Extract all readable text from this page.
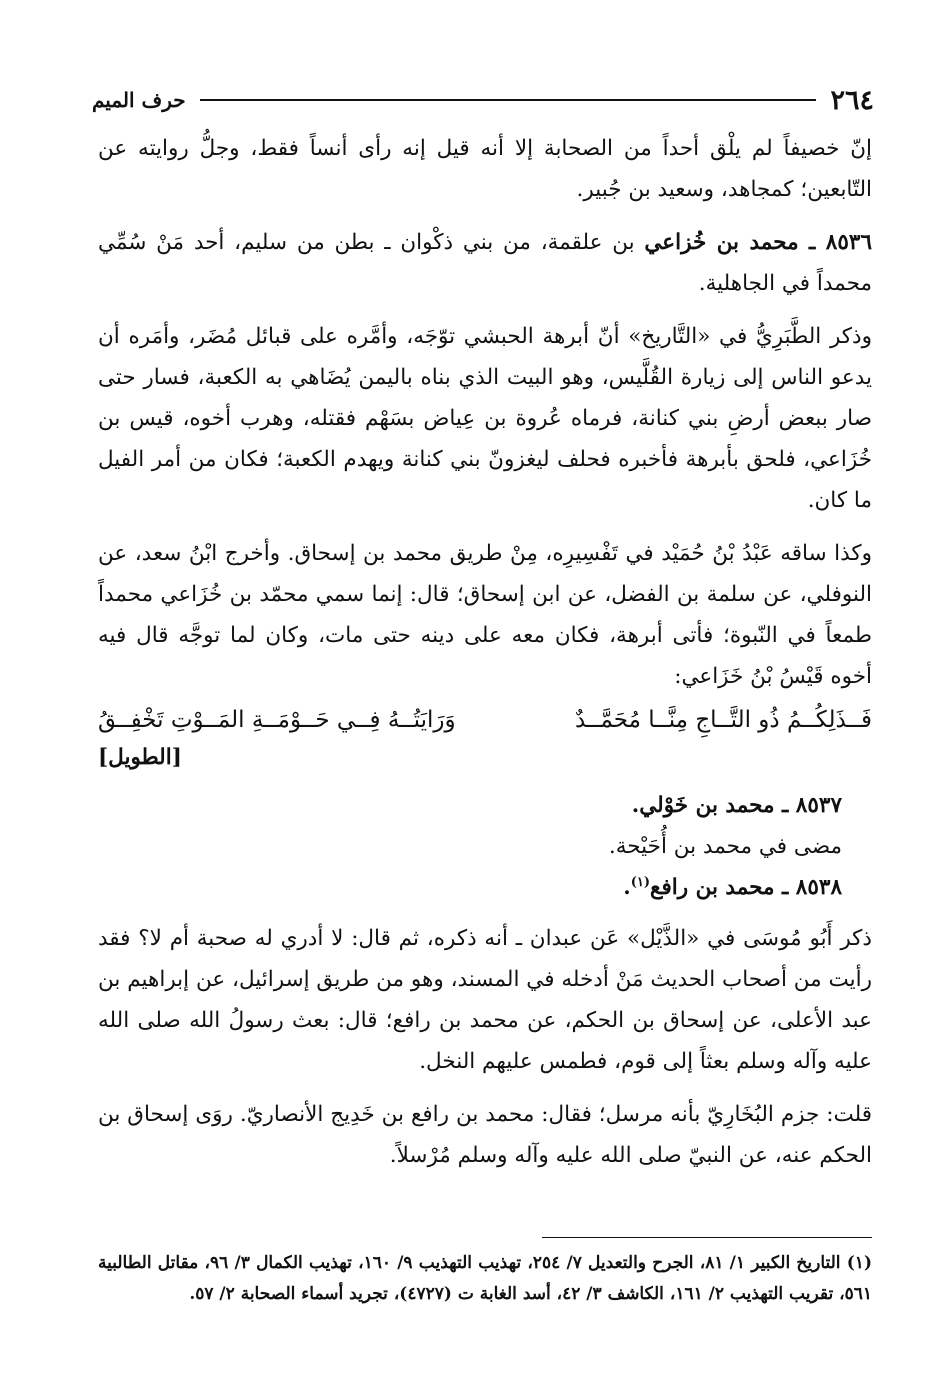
٢٦٤
حرف الميم

إنّ خصيفاً لم يلْق أحداً من الصحابة إلا أنه قيل إنه رأى أنساً فقط، وجلُّ روايته عن التّابعين؛ كمجاهد، وسعيد بن جُبير.

٨٥٣٦ ـ محمد بن خُزاعي بن علقمة، من بني ذكْوان ـ بطن من سليم، أحد مَنْ سُمِّي محمداً في الجاهلية.

وذكر الطَّبَرِيُّ في «التَّاريخ» أنّ أبرهة الحبشي توّجَه، وأمَّره على قبائل مُضَر، وأمَره أن يدعو الناس إلى زيارة القُلَّيس، وهو البيت الذي بناه باليمن يُضَاهي به الكعبة، فسار حتى صار ببعض أرضِ بني كنانة، فرماه عُروة بن عِياض بسَهْم فقتله، وهرب أخوه، قيس بن خُزَاعي، فلحق بأبرهة فأخبره فحلف ليغزونّ بني كنانة ويهدم الكعبة؛ فكان من أمر الفيل ما كان.

وكذا ساقه عَبْدُ بْنُ حُمَيْد في تَفْسِيرِه، مِنْ طريق محمد بن إسحاق. وأخرج ابْنُ سعد، عن النوفلي، عن سلمة بن الفضل، عن ابن إسحاق؛ قال: إنما سمي محمّد بن خُزَاعي محمداً طمعاً في النّبوة؛ فأتى أبرهة، فكان معه على دينه حتى مات، وكان لما توجَّه قال فيه أخوه قَيْسُ بْنُ خَزَاعي:

فَــذَلِكُــمُ ذُو التَّــاجِ مِنَّــا مُحَمَّــدٌ
وَرَايَتُــهُ فِــي حَــوْمَــةِ المَــوْتِ تَخْفِــقُ
[الطويل]
٨٥٣٧ ـ محمد بن خَوْلي.
مضى في محمد بن أُحَيْحة.
٨٥٣٨ ـ محمد بن رافع$^{(١)}$.

ذكر أَبُو مُوسَى في «الذَّيْل» عَن عبدان ـ أنه ذكره، ثم قال: لا أدري له صحبة أم لا؟ فقد رأيت من أصحاب الحديث مَنْ أدخله في المسند، وهو من طريق إسرائيل، عن إبراهيم بن عبد الأعلى، عن إسحاق بن الحكم، عن محمد بن رافع؛ قال: بعث رسولُ الله صلى الله عليه وآله وسلم بعثاً إلى قوم، فطمس عليهم النخل.

قلت: جزم البُخَارِيّ بأنه مرسل؛ فقال: محمد بن رافع بن خَدِيج الأنصاريّ. روَى إسحاق بن الحكم عنه، عن النبيّ صلى الله عليه وآله وسلم مُرْسلاً.

(١) التاريخ الكبير ١/ ٨١، الجرح والتعديل ٧/ ٢٥٤، تهذيب التهذيب ٩/ ١٦٠، تهذيب الكمال ٣/ ٩٦، مقاتل الطالبية ٥٦١، تقريب التهذيب ٢/ ١٦١، الكاشف ٣/ ٤٢، أسد الغابة ت (٤٧٢٧)، تجريد أسماء الصحابة ٢/ ٥٧.
